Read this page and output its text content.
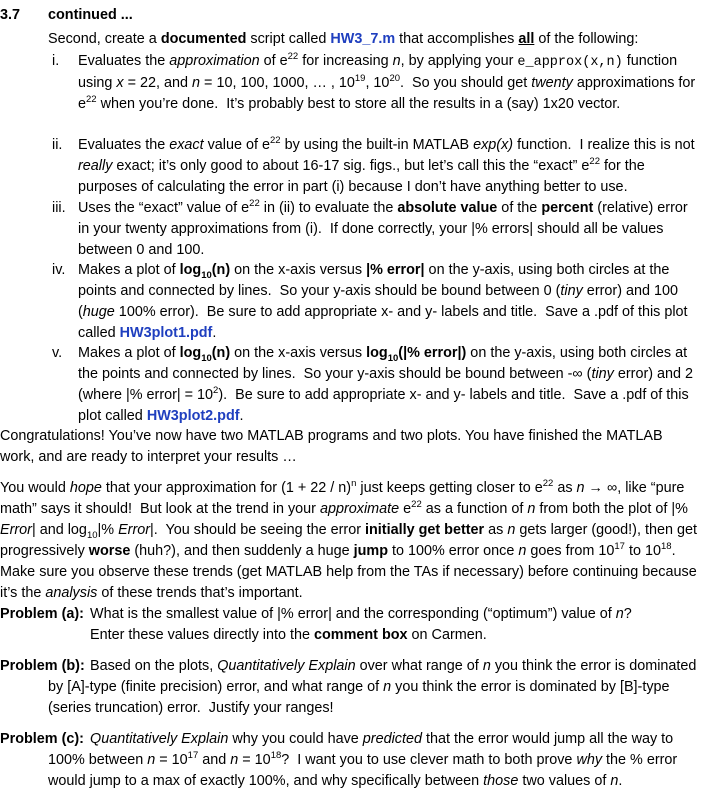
3.7 continued ...
Second, create a documented script called HW3_7.m that accomplishes all of the following:
i. Evaluates the approximation of $e^{22}$ for increasing n, by applying your e_approx(x,n) function using x = 22, and n = 10, 100, 1000, … , $10^{19}$, $10^{20}$.  So you should get twenty approximations for $e^{22}$ when you’re done.  It’s probably best to store all the results in a (say) 1x20 vector.
ii. Evaluates the exact value of $e^{22}$ by using the built-in MATLAB exp(x) function.  I realize this is not really exact; it’s only good to about 16-17 sig. figs., but let’s call this the “exact” $e^{22}$ for the purposes of calculating the error in part (i) because I don’t have anything better to use.
iii. Uses the “exact” value of $e^{22}$ in (ii) to evaluate the absolute value of the percent (relative) error in your twenty approximations from (i).  If done correctly, your |% errors| should all be values between 0 and 100.
iv. Makes a plot of $\log_{10}(n)$ on the x-axis versus |% error| on the y-axis, using both circles at the points and connected by lines.  So your y-axis should be bound between 0 (tiny error) and 100 (huge 100% error).  Be sure to add appropriate x- and y- labels and title.  Save a .pdf of this plot called HW3plot1.pdf.
v. Makes a plot of $\log_{10}(n)$ on the x-axis versus $\log_{10}(|\%$ error|) on the y-axis, using both circles at the points and connected by lines.  So your y-axis should be bound between -∞ (tiny error) and 2 (where |% error| = $10^2$).  Be sure to add appropriate x- and y- labels and title.  Save a .pdf of this plot called HW3plot2.pdf.
Congratulations! You’ve now have two MATLAB programs and two plots. You have finished the MATLAB work, and are ready to interpret your results …
You would hope that your approximation for $(1 + 22 / n)^n$ just keeps getting closer to $e^{22}$ as n → ∞, like “pure math” says it should!  But look at the trend in your approximate $e^{22}$ as a function of n from both the plot of |% Error| and $\log_{10}|\%$ Error|.  You should be seeing the error initially get better as n gets larger (good!), then get progressively worse (huh?), and then suddenly a huge jump to 100% error once n goes from $10^{17}$ to $10^{18}$.  Make sure you observe these trends (get MATLAB help from the TAs if necessary) before continuing because it’s the analysis of these trends that’s important.
Problem (a): What is the smallest value of |% error| and the corresponding (“optimum”) value of n?
Enter these values directly into the comment box on Carmen.
Problem (b): Based on the plots, Quantitatively Explain over what range of n you think the error is dominated by [A]-type (finite precision) error, and what range of n you think the error is dominated by [B]-type (series truncation) error.  Justify your ranges!
Problem (c): Quantitatively Explain why you could have predicted that the error would jump all the way to 100% between $n = 10^{17}$ and $n = 10^{18}$?  I want you to use clever math to both prove why the % error would jump to a max of exactly 100%, and why specifically between those two values of n.
